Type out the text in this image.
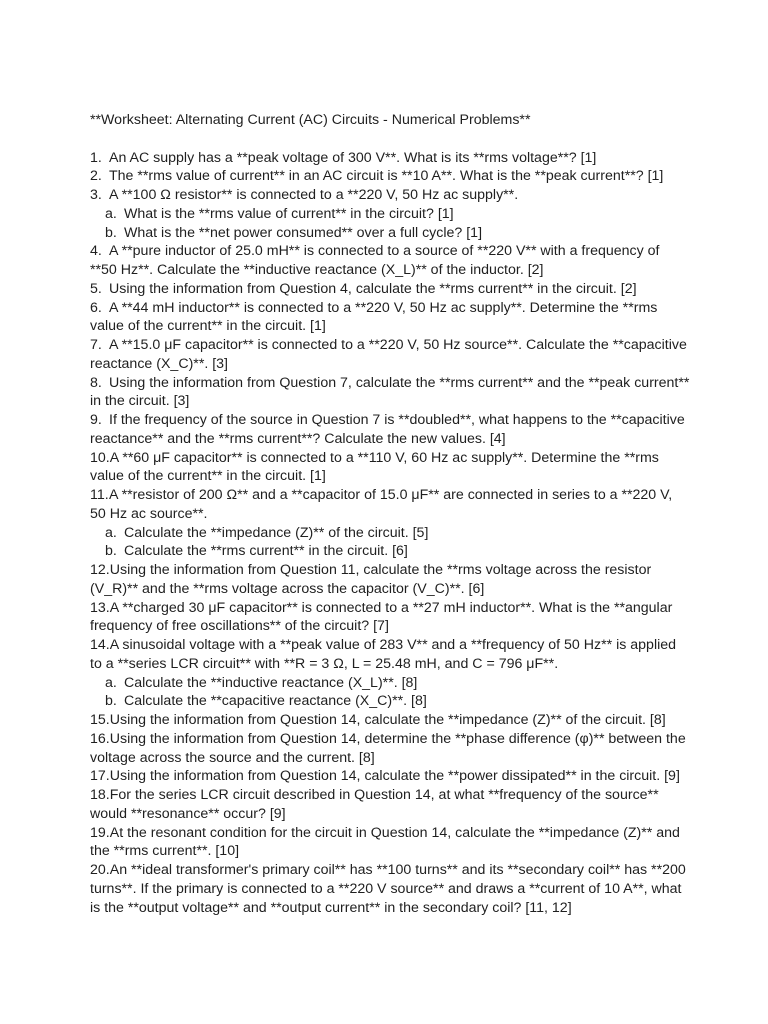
**Worksheet: Alternating Current (AC) Circuits - Numerical Problems**
1. An AC supply has a **peak voltage of 300 V**. What is its **rms voltage**? [1]
2. The **rms value of current** in an AC circuit is **10 A**. What is the **peak current**? [1]
3. A **100 Ω resistor** is connected to a **220 V, 50 Hz ac supply**.
a. What is the **rms value of current** in the circuit? [1]
b. What is the **net power consumed** over a full cycle? [1]
4. A **pure inductor of 25.0 mH** is connected to a source of **220 V** with a frequency of **50 Hz**. Calculate the **inductive reactance (X_L)** of the inductor. [2]
5. Using the information from Question 4, calculate the **rms current** in the circuit. [2]
6. A **44 mH inductor** is connected to a **220 V, 50 Hz ac supply**. Determine the **rms value of the current** in the circuit. [1]
7. A **15.0 μF capacitor** is connected to a **220 V, 50 Hz source**. Calculate the **capacitive reactance (X_C)**. [3]
8. Using the information from Question 7, calculate the **rms current** and the **peak current** in the circuit. [3]
9. If the frequency of the source in Question 7 is **doubled**, what happens to the **capacitive reactance** and the **rms current**? Calculate the new values. [4]
10.A **60 μF capacitor** is connected to a **110 V, 60 Hz ac supply**. Determine the **rms value of the current** in the circuit. [1]
11.A **resistor of 200 Ω** and a **capacitor of 15.0 μF** are connected in series to a **220 V, 50 Hz ac source**.
a. Calculate the **impedance (Z)** of the circuit. [5]
b. Calculate the **rms current** in the circuit. [6]
12.Using the information from Question 11, calculate the **rms voltage across the resistor (V_R)** and the **rms voltage across the capacitor (V_C)**. [6]
13.A **charged 30 μF capacitor** is connected to a **27 mH inductor**. What is the **angular frequency of free oscillations** of the circuit? [7]
14.A sinusoidal voltage with a **peak value of 283 V** and a **frequency of 50 Hz** is applied to a **series LCR circuit** with **R = 3 Ω, L = 25.48 mH, and C = 796 μF**.
a. Calculate the **inductive reactance (X_L)**. [8]
b. Calculate the **capacitive reactance (X_C)**. [8]
15.Using the information from Question 14, calculate the **impedance (Z)** of the circuit. [8]
16.Using the information from Question 14, determine the **phase difference (φ)** between the voltage across the source and the current. [8]
17.Using the information from Question 14, calculate the **power dissipated** in the circuit. [9]
18.For the series LCR circuit described in Question 14, at what **frequency of the source** would **resonance** occur? [9]
19.At the resonant condition for the circuit in Question 14, calculate the **impedance (Z)** and the **rms current**. [10]
20.An **ideal transformer's primary coil** has **100 turns** and its **secondary coil** has **200 turns**. If the primary is connected to a **220 V source** and draws a **current of 10 A**, what is the **output voltage** and **output current** in the secondary coil? [11, 12]
